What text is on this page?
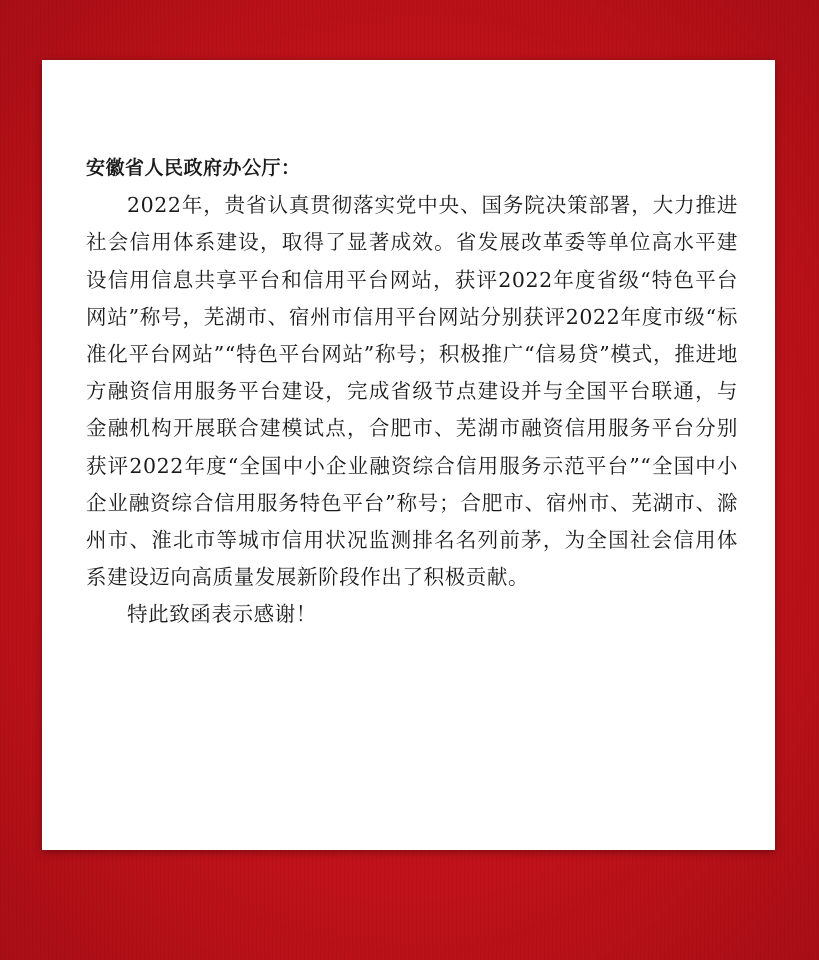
安徽省人民政府办公厅：

2022年，贵省认真贯彻落实党中央、国务院决策部署，大力推进社会信用体系建设，取得了显著成效。省发展改革委等单位高水平建设信用信息共享平台和信用平台网站，获评2022年度省级“特色平台网站”称号，芜湖市、宿州市信用平台网站分别获评2022年度市级“标准化平台网站”“特色平台网站”称号；积极推广“信易贷”模式，推进地方融资信用服务平台建设，完成省级节点建设并与全国平台联通，与金融机构开展联合建模试点，合肥市、芜湖市融资信用服务平台分别获评2022年度“全国中小企业融资综合信用服务示范平台”“全国中小企业融资综合信用服务特色平台”称号；合肥市、宿州市、芜湖市、滁州市、淮北市等城市信用状况监测排名名列前茅，为全国社会信用体系建设迈向高质量发展新阶段作出了积极贡献。

特此致函表示感谢！
